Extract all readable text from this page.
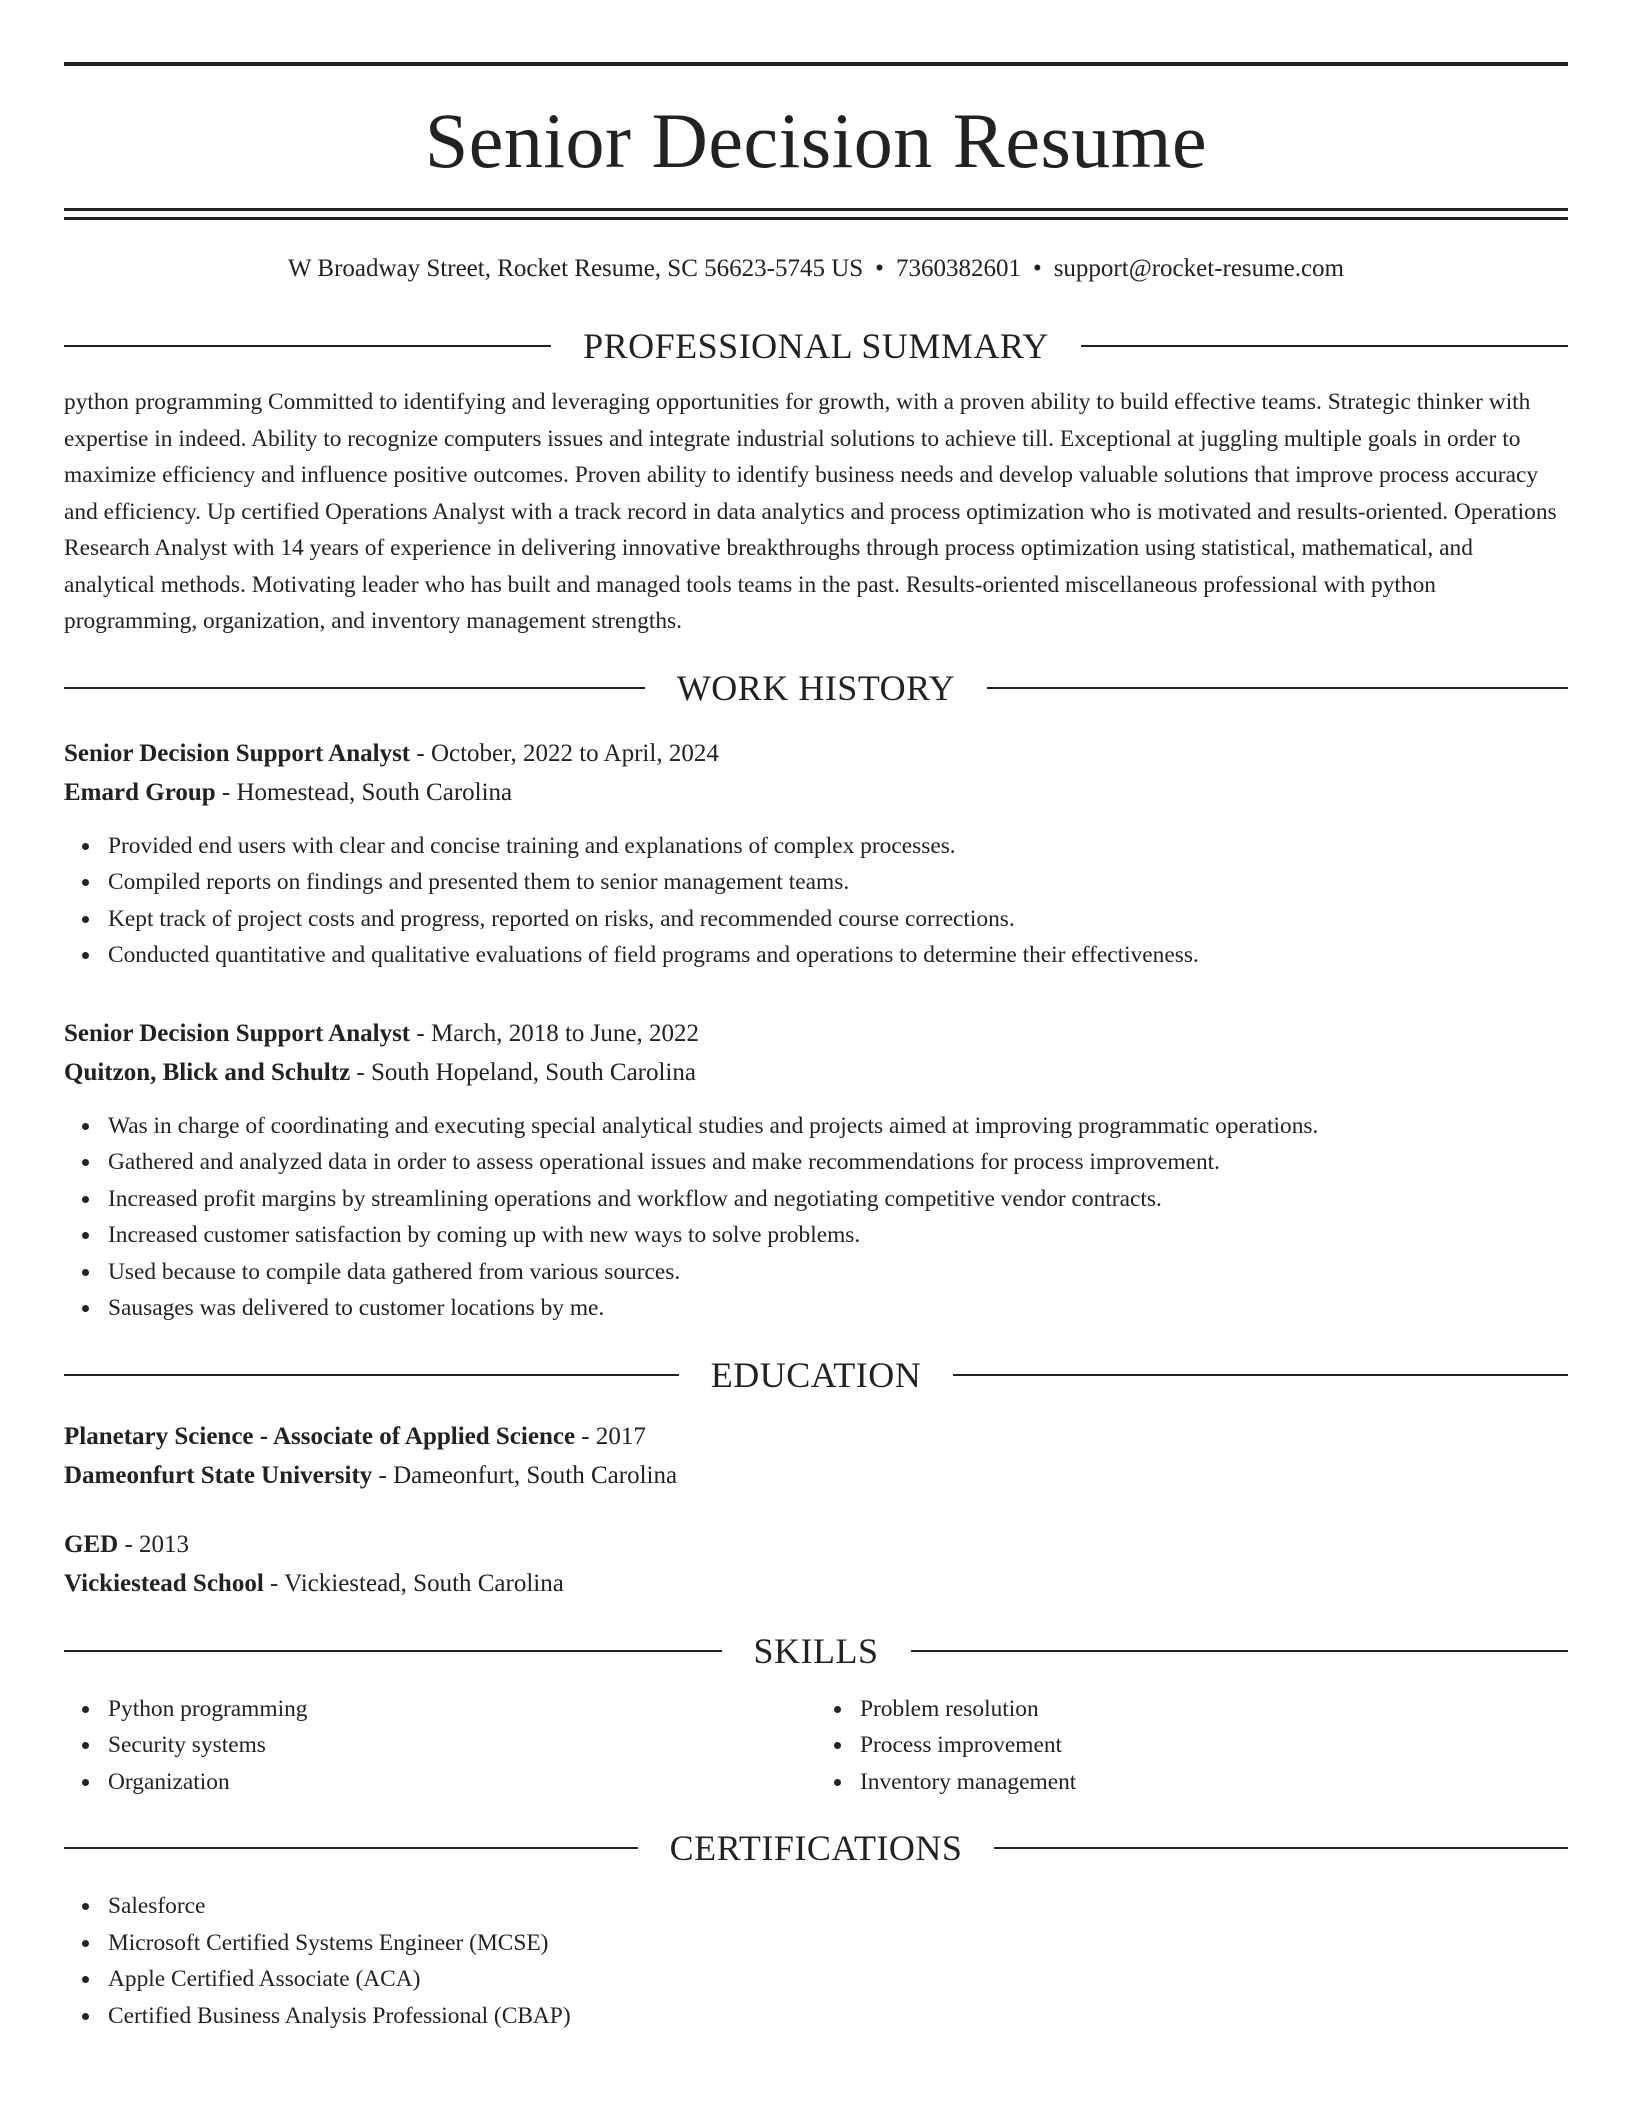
Senior Decision Resume
W Broadway Street, Rocket Resume, SC 56623-5745 US • 7360382601 • support@rocket-resume.com
PROFESSIONAL SUMMARY
python programming Committed to identifying and leveraging opportunities for growth, with a proven ability to build effective teams. Strategic thinker with expertise in indeed. Ability to recognize computers issues and integrate industrial solutions to achieve till. Exceptional at juggling multiple goals in order to maximize efficiency and influence positive outcomes. Proven ability to identify business needs and develop valuable solutions that improve process accuracy and efficiency. Up certified Operations Analyst with a track record in data analytics and process optimization who is motivated and results-oriented. Operations Research Analyst with 14 years of experience in delivering innovative breakthroughs through process optimization using statistical, mathematical, and analytical methods. Motivating leader who has built and managed tools teams in the past. Results-oriented miscellaneous professional with python programming, organization, and inventory management strengths.
WORK HISTORY
Senior Decision Support Analyst - October, 2022 to April, 2024
Emard Group - Homestead, South Carolina
Provided end users with clear and concise training and explanations of complex processes.
Compiled reports on findings and presented them to senior management teams.
Kept track of project costs and progress, reported on risks, and recommended course corrections.
Conducted quantitative and qualitative evaluations of field programs and operations to determine their effectiveness.
Senior Decision Support Analyst - March, 2018 to June, 2022
Quitzon, Blick and Schultz - South Hopeland, South Carolina
Was in charge of coordinating and executing special analytical studies and projects aimed at improving programmatic operations.
Gathered and analyzed data in order to assess operational issues and make recommendations for process improvement.
Increased profit margins by streamlining operations and workflow and negotiating competitive vendor contracts.
Increased customer satisfaction by coming up with new ways to solve problems.
Used because to compile data gathered from various sources.
Sausages was delivered to customer locations by me.
EDUCATION
Planetary Science - Associate of Applied Science - 2017
Dameonfurt State University - Dameonfurt, South Carolina
GED - 2013
Vickiestead School - Vickiestead, South Carolina
SKILLS
Python programming
Security systems
Organization
Problem resolution
Process improvement
Inventory management
CERTIFICATIONS
Salesforce
Microsoft Certified Systems Engineer (MCSE)
Apple Certified Associate (ACA)
Certified Business Analysis Professional (CBAP)
